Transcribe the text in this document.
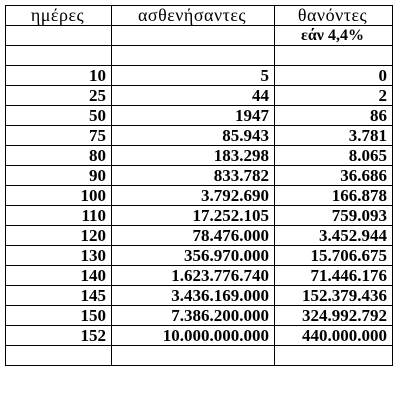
ημέρες	ασθενήσαντες	θανόντες
		εάν 4,4%

10	5	0
25	44	2
50	1947	86
75	85.943	3.781
80	183.298	8.065
90	833.782	36.686
100	3.792.690	166.878
110	17.252.105	759.093
120	78.476.000	3.452.944
130	356.970.000	15.706.675
140	1.623.776.740	71.446.176
145	3.436.169.000	152.379.436
150	7.386.200.000	324.992.792
152	10.000.000.000	440.000.000
